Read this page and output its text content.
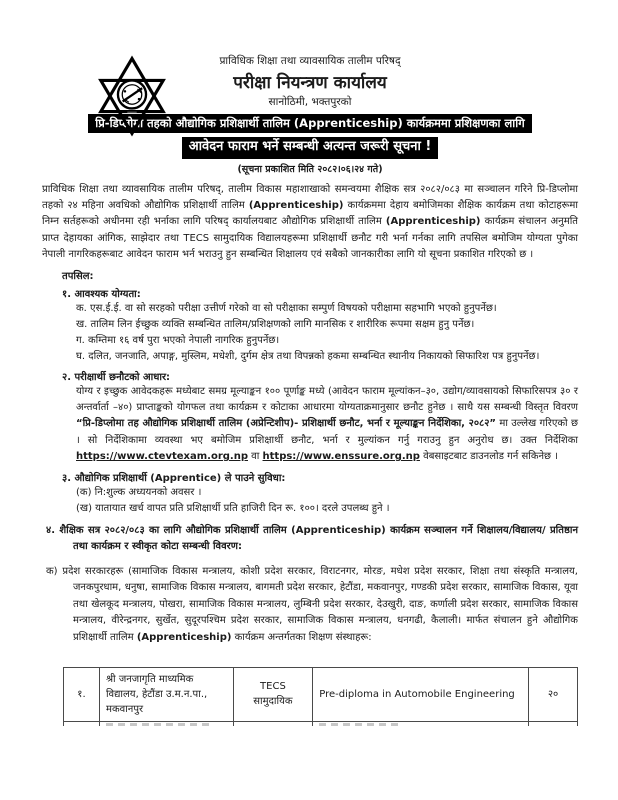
प्राविधिक शिक्षा तथा व्यावसायिक तालीम परिषद्
परीक्षा नियन्त्रण कार्यालय
सानोठिमी, भक्तपुरको
प्रि-डिप्लोमा तहको औद्योगिक प्रशिक्षार्थी तालिम (Apprenticeship) कार्यक्रममा प्रशिक्षणका लागि
आवेदन फाराम भर्ने सम्बन्धी अत्यन्त जरूरी सूचना !
(सूचना प्रकाशित मिति २०८२।०६।२४ गते)
प्राविधिक शिक्षा तथा व्यावसायिक तालीम परिषद्, तालीम विकास महाशाखाको समन्वयमा शैक्षिक सत्र २०८२/०८३ मा सञ्चालन गरिने प्रि-डिप्लोमा तहको २४ महिना अवधिको औद्योगिक प्रशिक्षार्थी तालिम (Apprenticeship) कार्यक्रममा देहाय बमोजिमका शैक्षिक कार्यक्रम तथा कोटाहरूमा निम्न सर्तहरूको अधीनमा रही भर्नाका लागि परिषद् कार्यालयबाट औद्योगिक प्रशिक्षार्थी तालिम (Apprenticeship) कार्यक्रम संचालन अनुमति प्राप्त देहायका आंगिक, साझेदार तथा TECS सामुदायिक विद्यालयहरूमा प्रशिक्षार्थी छनौट गरी भर्ना गर्नका लागि तपसिल बमोजिम योग्यता पुगेका नेपाली नागरिकहरूबाट आवेदन फाराम भर्न भराउनु हुन सम्बन्धित शिक्षालय एवं सबैको जानकारीका लागि यो सूचना प्रकाशित गरिएको छ ।
तपसिल:
१. आवश्यक योग्यता:
क. एस.ई.ई. वा सो सरहको परीक्षा उत्तीर्ण गरेको वा सो परीक्षाका सम्पुर्ण विषयको परीक्षामा सहभागि भएको हुनुपर्नेछ।
ख. तालिम लिन ईच्छुक व्यक्ति सम्बन्धित तालिम/प्रशिक्षणको लागि मानसिक र शारीरिक रूपमा सक्षम हुनु पर्नेछ।
ग. कम्तिमा १६ वर्ष पुरा भएको नेपाली नागरिक हुनुपर्नेछ।
घ. दलित, जनजाति, अपाङ्ग, मुस्लिम, मधेशी, दुर्गम क्षेत्र तथा विपन्नको हकमा सम्बन्धित स्थानीय निकायको सिफारिश पत्र हुनुपर्नेछ।
२. परीक्षार्थी छनौटको आधार:
योग्य र इच्छुक आवेदकहरू मध्येबाट समग्र मूल्याङ्कन १०० पूर्णाङ्क मध्ये (आवेदन फाराम मूल्यांकन–३०, उद्योग/व्यावसायको सिफारिसपत्र ३० र अन्तर्वार्ता –४०) प्राप्ताङ्कको योगफल तथा कार्यक्रम र कोटाका आधारमा योग्यताक्रमानुसार छनौट हुनेछ । साथै यस सम्बन्धी विस्तृत विवरण “प्रि-डिप्लोमा तह औद्योगिक प्रशिक्षार्थी तालिम (अप्रेन्टिशीप)- प्रशिक्षार्थी छनौट, भर्ना र मूल्याङ्कन निर्देशिका, २०८२” मा उल्लेख गरिएको छ । सो निर्देशिकामा व्यवस्था भए बमोजिम प्रशिक्षार्थी छनौट, भर्ना र मुल्यांकन गर्नु गराउनु हुन अनुरोध छ। उक्त निर्देशिका https://www.ctevtexam.org.np वा https://www.enssure.org.np वेबसाइटबाट डाउनलोड गर्न सकिनेछ ।
३. औद्योगिक प्रशिक्षार्थी (Apprentice) ले पाउने सुविधा:
(क) नि:शुल्क अध्ययनको अवसर ।
(ख) यातायात खर्च वापत प्रति प्रशिक्षार्थी प्रति हाजिरी दिन रू. १००। दरले उपलब्ध हुने ।
४. शैक्षिक सत्र २०८२/०८३ का लागि औद्योगिक प्रशिक्षार्थी तालिम (Apprenticeship) कार्यक्रम सञ्चालन गर्ने शिक्षालय/विद्यालय/ प्रतिष्ठान तथा कार्यक्रम र स्वीकृत कोटा सम्बन्धी विवरण:
क) प्रदेश सरकारहरू (सामाजिक विकास मन्त्रालय, कोशी प्रदेश सरकार, विराटनगर, मोरङ, मधेश प्रदेश सरकार, शिक्षा तथा संस्कृति मन्त्रालय, जनकपुरधाम, धनुषा, सामाजिक विकास मन्त्रालय, बागमती प्रदेश सरकार, हेटौंडा, मकवानपुर, गण्डकी प्रदेश सरकार, सामाजिक विकास, यूवा तथा खेलकूद मन्त्रालय, पोखरा, सामाजिक विकास मन्त्रालय, लुम्बिनी प्रदेश सरकार, देउखुरी, दाङ, कर्णाली प्रदेश सरकार, सामाजिक विकास मन्त्रालय, वीरेन्द्रनगर, सुर्खेत, सुदूरपश्चिम प्रदेश सरकार, सामाजिक विकास मन्त्रालय, धनगढी, कैलाली। मार्फत संचालन हुने औद्योगिक प्रशिक्षार्थी तालिम (Apprenticeship) कार्यक्रम अन्तर्गतका शिक्षण संस्थाहरू:
१.	श्री जनजागृति माध्यमिक विद्यालय, हेटौंडा उ.म.न.पा., मकवानपुर	TECS सामुदायिक	Pre-diploma in Automobile Engineering	२०
